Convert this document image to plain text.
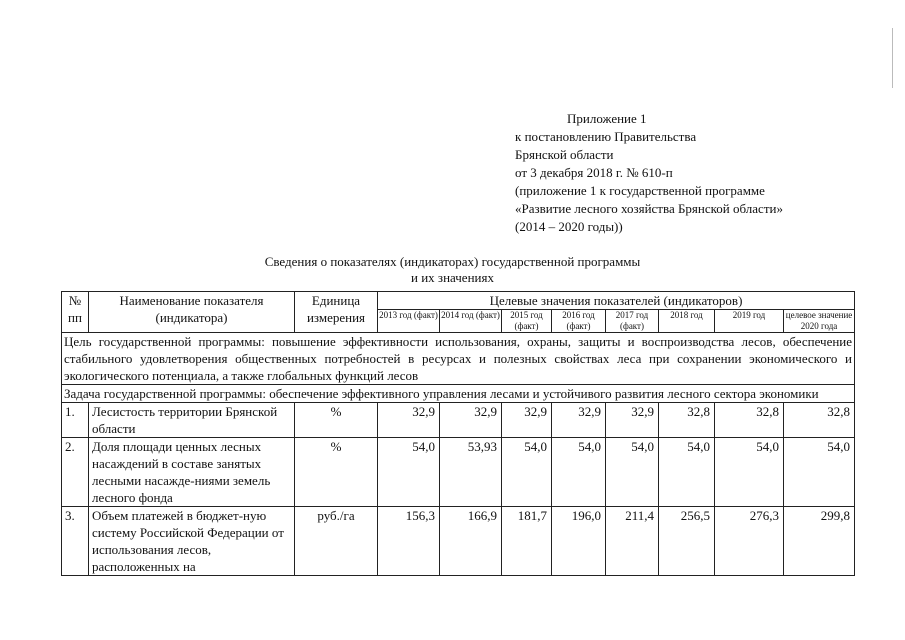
Приложение 1
к постановлению Правительства
Брянской области
от 3 декабря 2018 г. № 610-п
(приложение 1 к государственной программе
«Развитие лесного хозяйства Брянской области»
(2014 – 2020 годы))
Сведения о показателях (индикаторах) государственной программы
и их значениях
№ пп	Наименование показателя (индикатора)	Единица измерения	Целевые значения показателей (индикаторов)							
			2013 год (факт)	2014 год (факт)	2015 год (факт)	2016 год (факт)	2017 год (факт)	2018 год	2019 год	целевое значение 2020 года
Цель государственной программы: повышение эффективности использования, охраны, защиты и воспроизводства лесов, обеспечение стабильного удовлетворения общественных потребностей в ресурсах и полезных свойствах леса при сохранении экономического и экологического потенциала, а также глобальных функций лесов										
Задача государственной программы: обеспечение эффективного управления лесами и устойчивого развития лесного сектора экономики										
1.	Лесистость территории Брянской области	%	32,9	32,9	32,9	32,9	32,9	32,8	32,8	32,8
2.	Доля площади ценных лесных насаждений в составе занятых лесными насажде-ниями земель лесного фонда	%	54,0	53,93	54,0	54,0	54,0	54,0	54,0	54,0
3.	Объем платежей в бюджет-ную систему Российской Федерации от использования лесов, расположенных на	руб./га	156,3	166,9	181,7	196,0	211,4	256,5	276,3	299,8
